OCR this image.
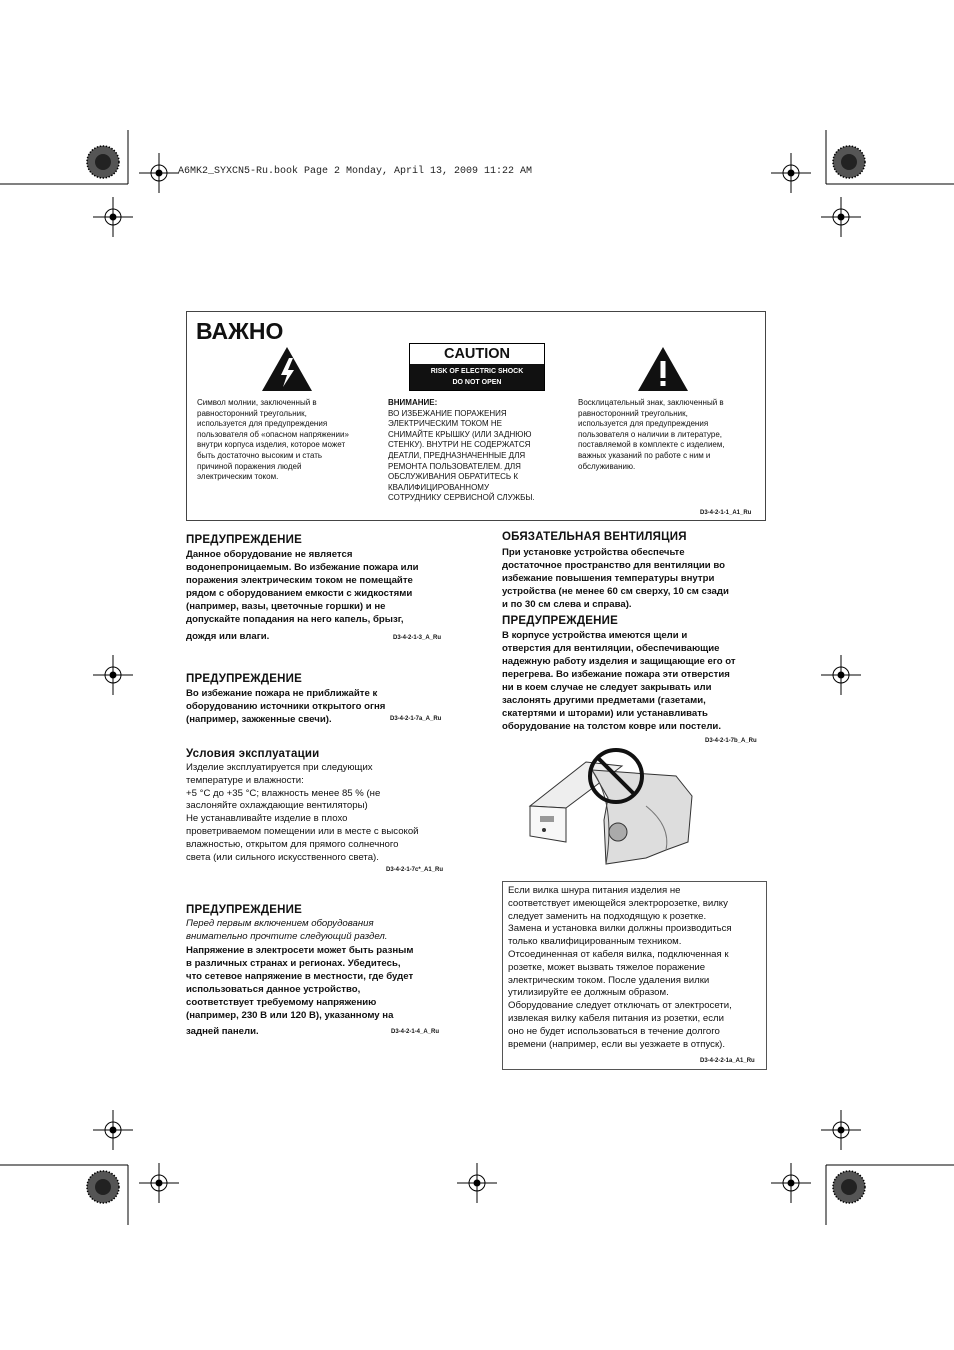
A6MK2_SYXCN5-Ru.book Page 2 Monday, April 13, 2009 11:22 AM
ВАЖНО
Символ молнии, заключенный в
равносторонний треугольник,
используется для предупреждения
пользователя об «опасном напряжении»
внутри корпуса изделия, которое может
быть достаточно высоким и стать
причиной поражения людей
электрическим током.
CAUTION
RISK OF ELECTRIC SHOCK
DO NOT OPEN
ВНИМАНИЕ:
ВО ИЗБЕЖАНИЕ ПОРАЖЕНИЯ
ЭЛЕКТРИЧЕСКИМ ТОКОМ НЕ
СНИМАЙТЕ КРЫШКУ (ИЛИ ЗАДНЮЮ
СТЕНКУ). ВНУТРИ НЕ СОДЕРЖАТСЯ
ДЕАТЛИ, ПРЕДНАЗНАЧЕННЫЕ ДЛЯ
РЕМОНТА ПОЛЬЗОВАТЕЛЕМ. ДЛЯ
ОБСЛУЖИВАНИЯ ОБРАТИТЕСЬ К
КВАЛИФИЦИРОВАННОМУ
СОТРУДНИКУ СЕРВИСНОЙ СЛУЖБЫ.
Восклицательный знак, заключенный в
равносторонний треугольник,
используется для предупреждения
пользователя о наличии в литературе,
поставляемой в комплекте с изделием,
важных указаний по работе с ним и
обслуживанию.
D3-4-2-1-1_A1_Ru
ПРЕДУПРЕЖДЕНИЕ
Данное оборудование не является
водонепроницаемым. Во избежание пожара или
поражения электрическим током не помещайте
рядом с оборудованием емкости с жидкостями
(например, вазы, цветочные горшки) и не
допускайте попадания на него капель, брызг,
дождя или влаги.	D3-4-2-1-3_A_Ru
ПРЕДУПРЕЖДЕНИЕ
Во избежание пожара не приближайте к
оборудованию источники открытого огня
(например, зажженные свечи).	D3-4-2-1-7a_A_Ru
Условия эксплуатации
Изделие эксплуатируется при следующих
температуре и влажности:
+5 °C до +35 °C; влажность менее 85 % (не
заслоняйте охлаждающие вентиляторы)
Не устанавливайте изделие в плохо
проветриваемом помещении или в месте с высокой
влажностью, открытом для прямого солнечного
света (или сильного искусственного света).
D3-4-2-1-7c*_A1_Ru
ПРЕДУПРЕЖДЕНИЕ
Перед первым включением оборудования
внимательно прочтите следующий раздел.
Напряжение в электросети может быть разным
в различных странах и регионах. Убедитесь,
что сетевое напряжение в местности, где будет
использоваться данное устройство,
соответствует требуемому напряжению
(например, 230 В или 120 В), указанному на
задней панели.	D3-4-2-1-4_A_Ru
ОБЯЗАТЕЛЬНАЯ ВЕНТИЛЯЦИЯ
При установке устройства обеспечьте
достаточное пространство для вентиляции во
избежание повышения температуры внутри
устройства (не менее 60 см сверху, 10 см сзади
и по 30 см слева и справа).
ПРЕДУПРЕЖДЕНИЕ
В корпусе устройства имеются щели и
отверстия для вентиляции, обеспечивающие
надежную работу изделия и защищающие его от
перегрева. Во избежание пожара эти отверстия
ни в коем случае не следует закрывать или
заслонять другими предметами (газетами,
скатертями и шторами) или устанавливать
оборудование на толстом ковре или постели.
D3-4-2-1-7b_A_Ru
Если вилка шнура питания изделия не
соответствует имеющейся электророзетке, вилку
следует заменить на подходящую к розетке.
Замена и установка вилки должны производиться
только квалифицированным техником.
Отсоединенная от кабеля вилка, подключенная к
розетке, может вызвать тяжелое поражение
электрическим током. После удаления вилки
утилизируйте ее должным образом.
Оборудование следует отключать от электросети,
извлекая вилку кабеля питания из розетки, если
оно не будет использоваться в течение долгого
времени (например, если вы уезжаете в отпуск).
D3-4-2-2-1a_A1_Ru
